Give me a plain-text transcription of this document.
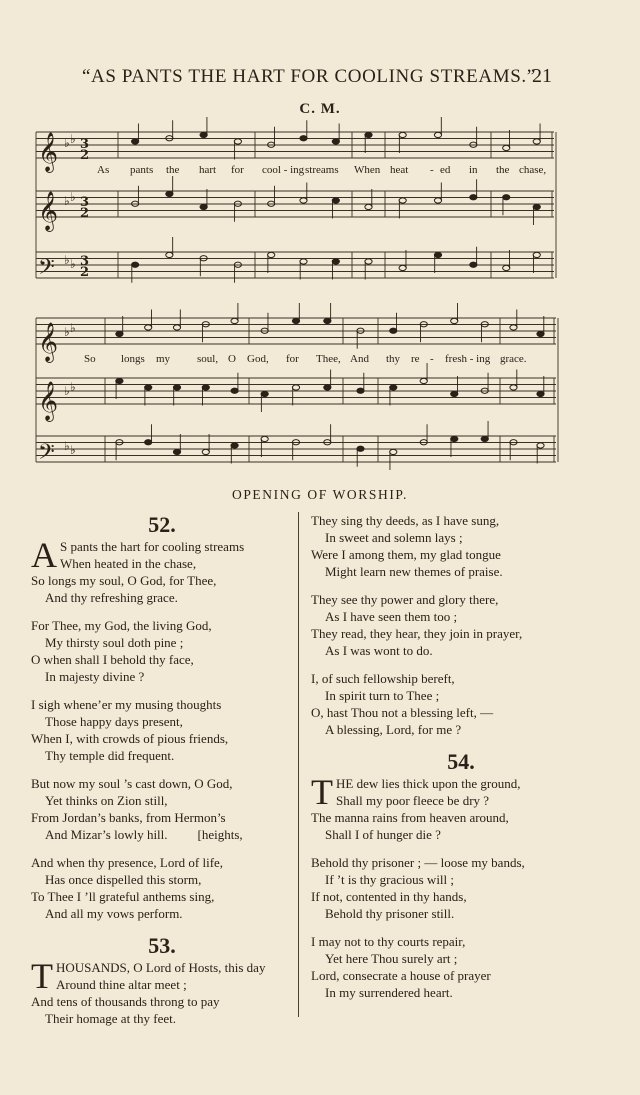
“AS PANTS THE HART FOR COOLING STREAMS.”
21
C. M.
𝄞
𝄞
𝄢
𝄞
𝄞
𝄢
♭ ♭ 3
2
♭ ♭ 3
2
♭ ♭ 3
2
♭ ♭
♭ ♭
♭ ♭
As pants the hart for cool - ing streams When heat - ed in the chase,
So longs my soul, O God, for Thee, And thy re - fresh - ing grace.
OPENING OF WORSHIP.
52.
A S pants the hart for cooling streams
When heated in the chase,
So longs my soul, O God, for Thee,
And thy refreshing grace.
For Thee, my God, the living God,
My thirsty soul doth pine ;
O when shall I behold thy face,
In majesty divine ?
I sigh whene’er my musing thoughts
Those happy days present,
When I, with crowds of pious friends,
Thy temple did frequent.
But now my soul ’s cast down, O God,
Yet thinks on Zion still,
From Jordan’s banks, from Hermon’s
And Mizar’s lowly hill. [heights,
And when thy presence, Lord of life,
Has once dispelled this storm,
To Thee I ’ll grateful anthems sing,
And all my vows perform.
53.
T HOUSANDS, O Lord of Hosts, this day
Around thine altar meet ;
And tens of thousands throng to pay
Their homage at thy feet.
They sing thy deeds, as I have sung,
In sweet and solemn lays ;
Were I among them, my glad tongue
Might learn new themes of praise.
They see thy power and glory there,
As I have seen them too ;
They read, they hear, they join in prayer,
As I was wont to do.
I, of such fellowship bereft,
In spirit turn to Thee ;
O, hast Thou not a blessing left, —
A blessing, Lord, for me ?
54.
T HE dew lies thick upon the ground,
Shall my poor fleece be dry ?
The manna rains from heaven around,
Shall I of hunger die ?
Behold thy prisoner ; — loose my bands,
If ’t is thy gracious will ;
If not, contented in thy hands,
Behold thy prisoner still.
I may not to thy courts repair,
Yet here Thou surely art ;
Lord, consecrate a house of prayer
In my surrendered heart.
